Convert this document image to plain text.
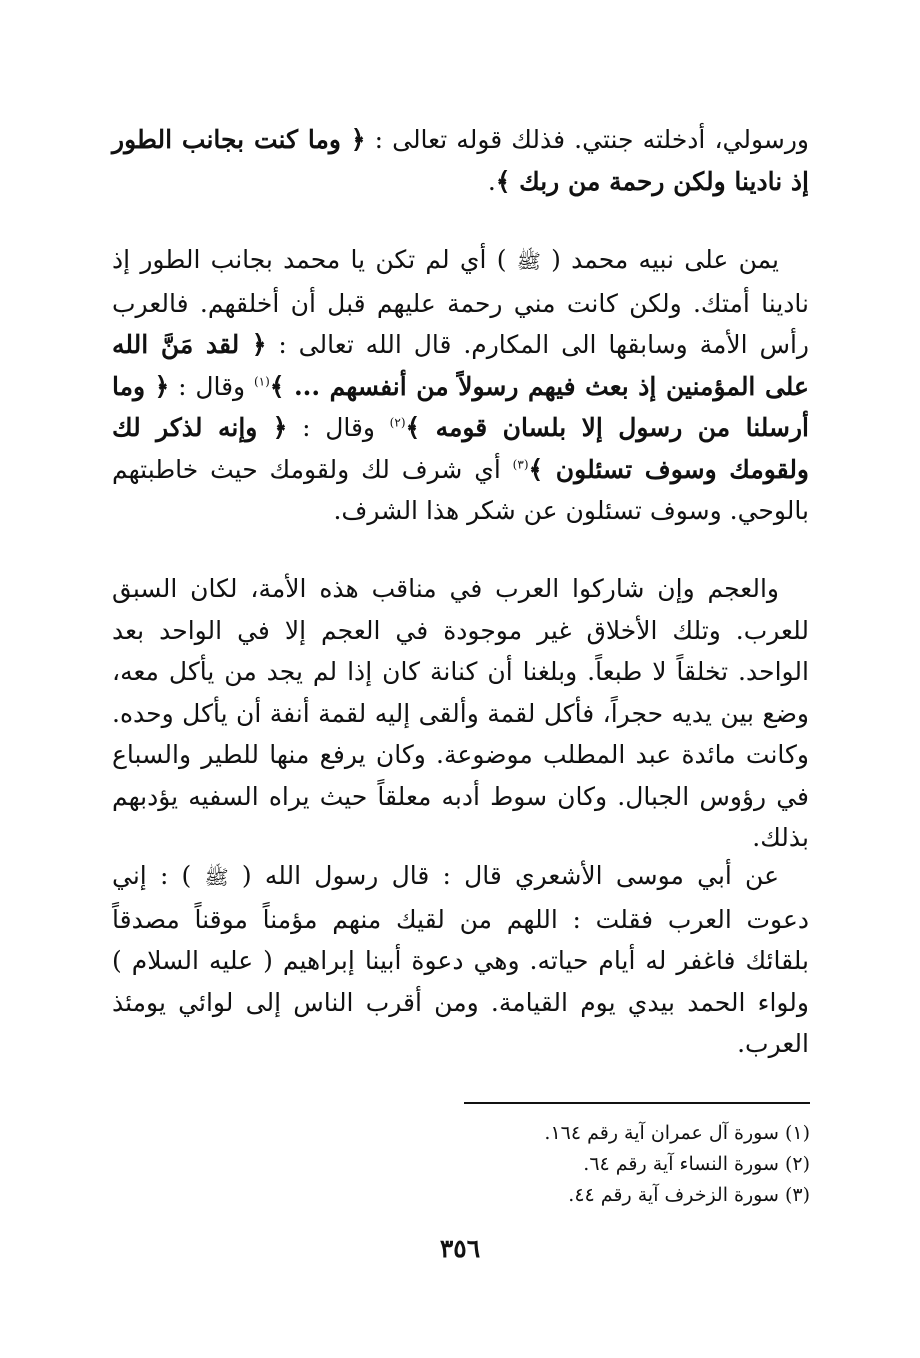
ورسولي، أدخلته جنتي. فذلك قوله تعالى : ﴿ وما كنت بجانب الطور إذ نادينا ولكن رحمة من ربك ﴾.
يمن على نبيه محمد ( ﷺ ) أي لم تكن يا محمد بجانب الطور إذ نادينا أمتك. ولكن كانت مني رحمة عليهم قبل أن أخلقهم. فالعرب رأس الأمة وسابقها الى المكارم. قال الله تعالى : ﴿ لقد مَنَّ الله على المؤمنين إذ بعث فيهم رسولاً من أنفسهم ... ﴾$^{(١)}$ وقال : ﴿ وما أرسلنا من رسول إلا بلسان قومه ﴾$^{(٢)}$ وقال : ﴿ وإنه لذكر لك ولقومك وسوف تسئلون ﴾$^{(٣)}$ أي شرف لك ولقومك حيث خاطبتهم بالوحي. وسوف تسئلون عن شكر هذا الشرف.
والعجم وإن شاركوا العرب في مناقب هذه الأمة، لكان السبق للعرب. وتلك الأخلاق غير موجودة في العجم إلا في الواحد بعد الواحد. تخلقاً لا طبعاً. وبلغنا أن كنانة كان إذا لم يجد من يأكل معه، وضع بين يديه حجراً، فأكل لقمة وألقى إليه لقمة أنفة أن يأكل وحده. وكانت مائدة عبد المطلب موضوعة. وكان يرفع منها للطير والسباع في رؤوس الجبال. وكان سوط أدبه معلقاً حيث يراه السفيه يؤدبهم بذلك.
عن أبي موسى الأشعري قال : قال رسول الله ( ﷺ ) : إني دعوت العرب فقلت : اللهم من لقيك منهم مؤمناً موقناً مصدقاً بلقائك فاغفر له أيام حياته. وهي دعوة أبينا إبراهيم ( عليه السلام ) ولواء الحمد بيدي يوم القيامة. ومن أقرب الناس إلى لوائي يومئذ العرب.
(١) سورة آل عمران آية رقم ١٦٤.
(٢) سورة النساء آية رقم ٦٤.
(٣) سورة الزخرف آية رقم ٤٤.
٣٥٦
